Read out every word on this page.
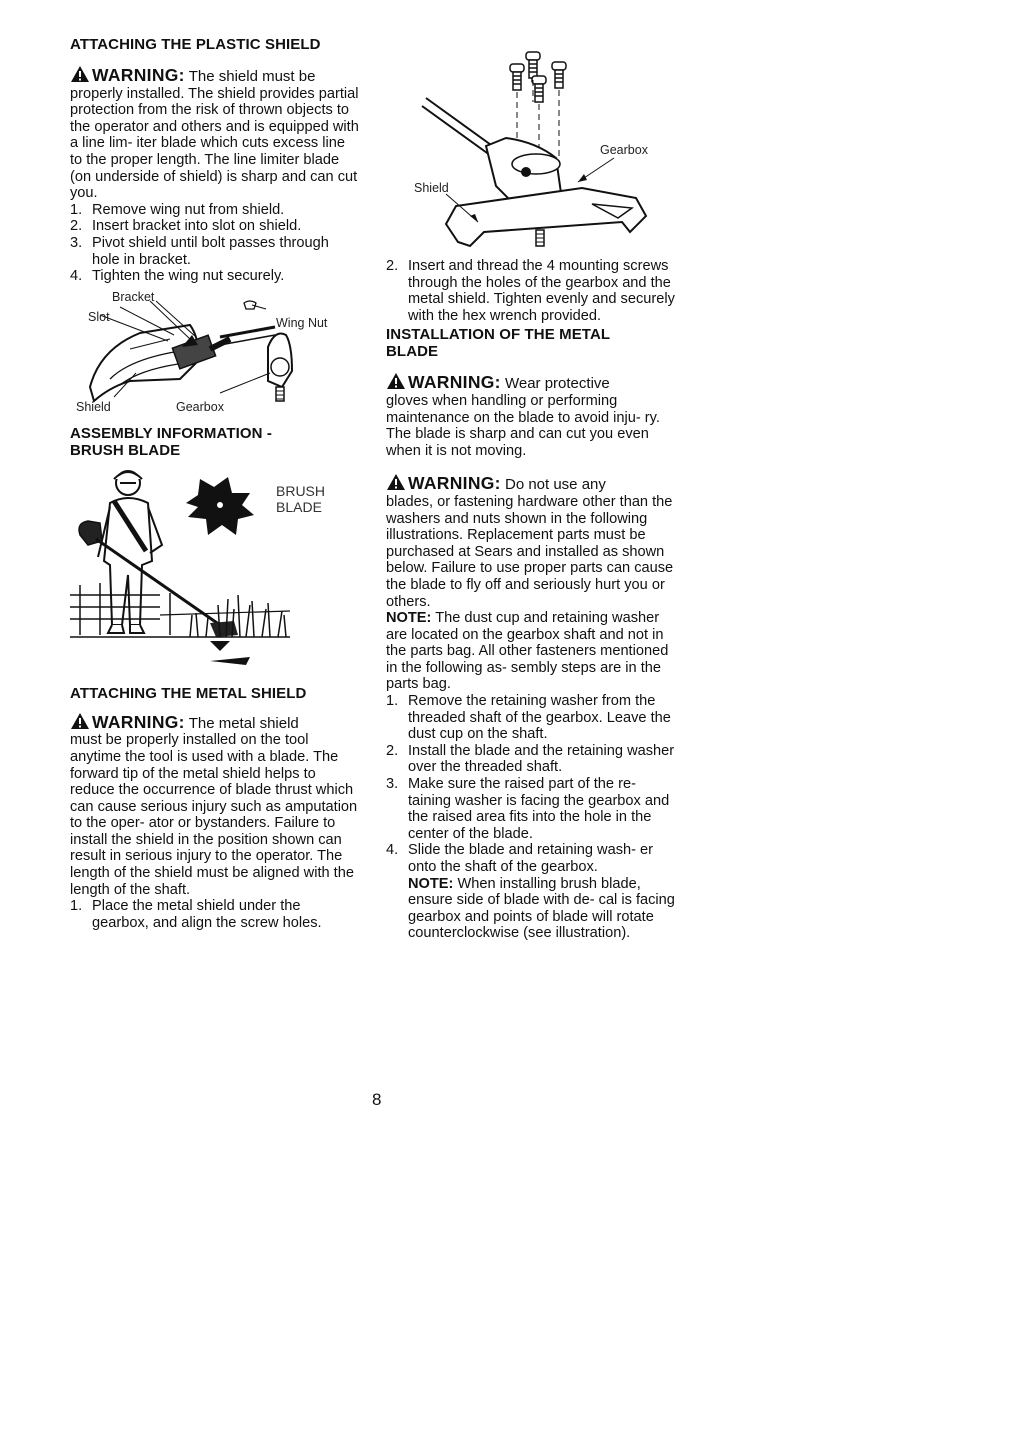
ATTACHING THE PLASTIC SHIELD

WARNING: The shield must be
properly installed. The shield provides partial protection from the risk of thrown objects to the operator and others and is equipped with a line lim- iter blade which cuts excess line to the proper length. The line limiter blade (on underside of shield) is sharp and can cut you.

1. Remove wing nut from shield.
2. Insert bracket into slot on shield.
3. Pivot shield until bolt passes through hole in bracket.
4. Tighten the wing nut securely.
Bracket
Slot	Wing Nut
Shield	Gearbox
ASSEMBLY INFORMATION -
BRUSH BLADE
BRUSH
BLADE
ATTACHING THE METAL SHIELD

WARNING: The metal shield
must be properly installed on the tool anytime the tool is used with a blade. The forward tip of the metal shield helps to reduce the occurrence of blade thrust which can cause serious injury such as amputation to the oper- ator or bystanders. Failure to install the shield in the position shown can result in serious injury to the operator. The length of the shield must be aligned with the length of the shaft.

1. Place the metal shield under the gearbox, and align the screw holes.
Gearbox
Shield
2. Insert and thread the 4 mounting screws through the holes of the gearbox and the metal shield. Tighten evenly and securely with the hex wrench provided.
INSTALLATION OF THE METAL
BLADE

WARNING: Wear protective
gloves when handling or performing maintenance on the blade to avoid inju- ry. The blade is sharp and can cut you even when it is not moving.

WARNING: Do not use any
blades, or fastening hardware other than the washers and nuts shown in the following illustrations. Replacement parts must be purchased at Sears and installed as shown below. Failure to use proper parts can cause the blade to fly off and seriously hurt you or others.
NOTE: The dust cup and retaining washer are located on the gearbox shaft and not in the parts bag. All other fasteners mentioned in the following as- sembly steps are in the parts bag.

1. Remove the retaining washer from the threaded shaft of the gearbox. Leave the dust cup on the shaft.
2. Install the blade and the retaining washer over the threaded shaft.
3. Make sure the raised part of the re- taining washer is facing the gearbox and the raised area fits into the hole in the center of the blade.
4. Slide the blade and retaining wash- er onto the shaft of the gearbox.
NOTE: When installing brush blade, ensure side of blade with de- cal is facing gearbox and points of blade will rotate counterclockwise (see illustration).
8
